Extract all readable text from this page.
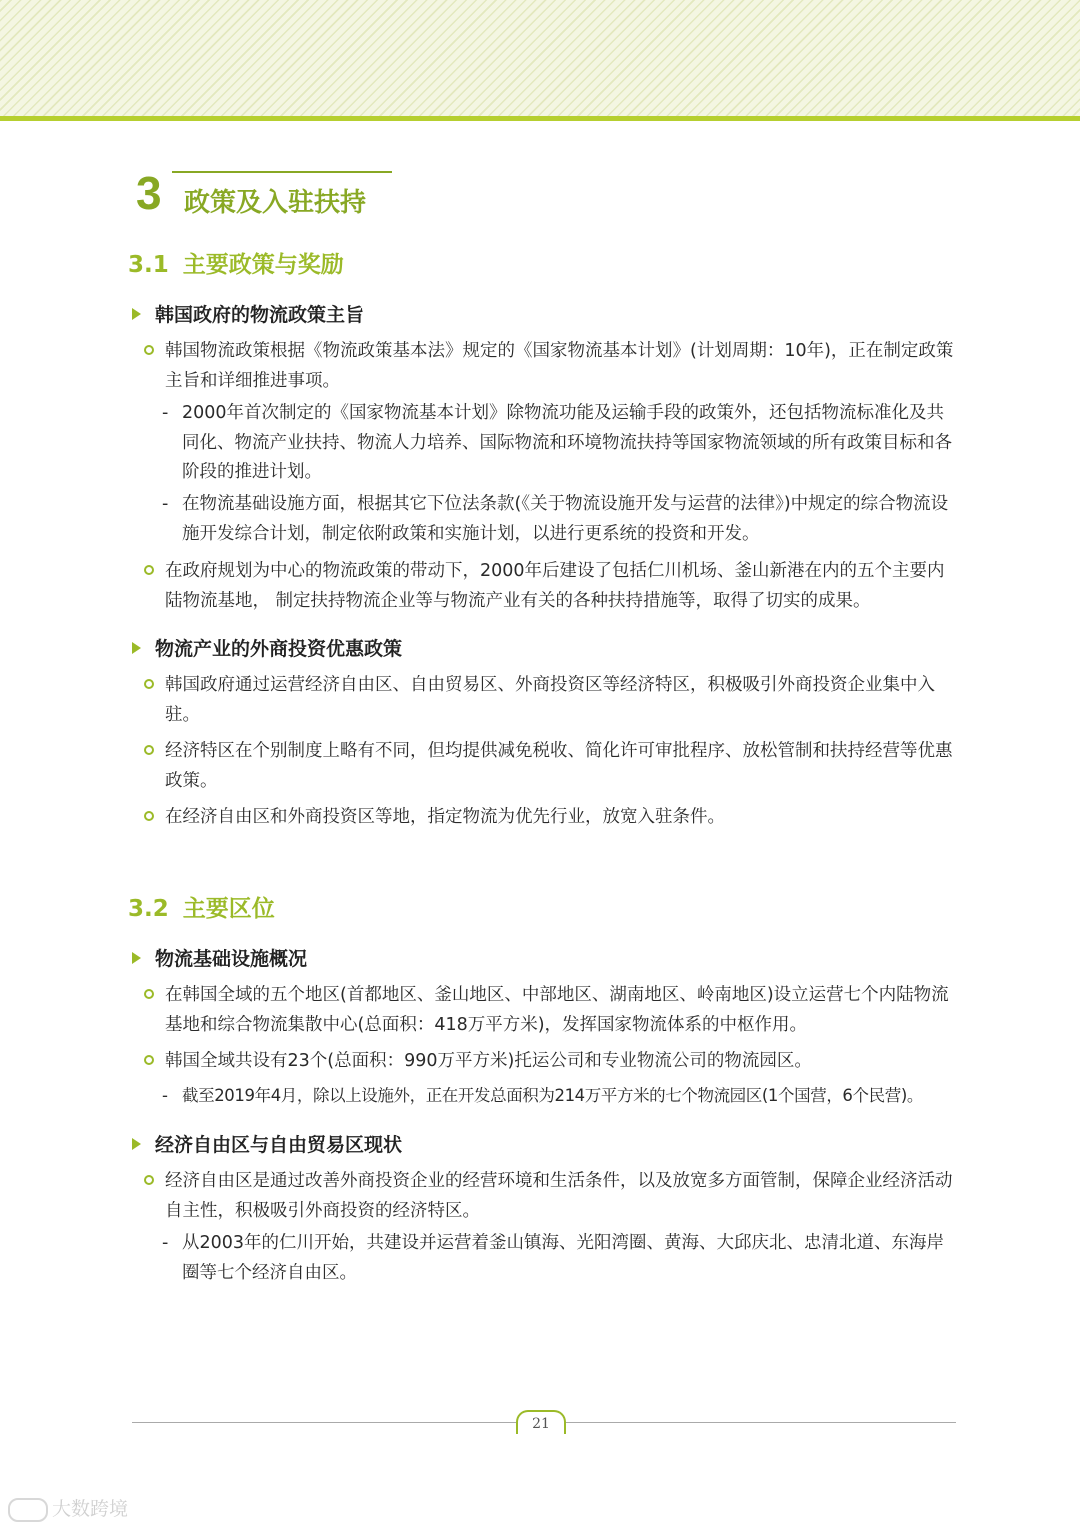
3 政策及入驻扶持
3.1 主要政策与奖励
韩国政府的物流政策主旨
韩国物流政策根据《物流政策基本法》规定的《国家物流基本计划》(计划周期：10年)，正在制定政策主旨和详细推进事项。
- 2000年首次制定的《国家物流基本计划》除物流功能及运输手段的政策外，还包括物流标准化及共同化、物流产业扶持、物流人力培养、国际物流和环境物流扶持等国家物流领域的所有政策目标和各阶段的推进计划。
- 在物流基础设施方面，根据其它下位法条款(《关于物流设施开发与运营的法律》)中规定的综合物流设施开发综合计划，制定依附政策和实施计划，以进行更系统的投资和开发。
在政府规划为中心的物流政策的带动下，2000年后建设了包括仁川机场、釜山新港在内的五个主要内陆物流基地， 制定扶持物流企业等与物流产业有关的各种扶持措施等，取得了切实的成果。
物流产业的外商投资优惠政策
韩国政府通过运营经济自由区、自由贸易区、外商投资区等经济特区，积极吸引外商投资企业集中入驻。
经济特区在个别制度上略有不同，但均提供减免税收、简化许可审批程序、放松管制和扶持经营等优惠政策。
在经济自由区和外商投资区等地，指定物流为优先行业，放宽入驻条件。
3.2 主要区位
物流基础设施概况
在韩国全域的五个地区(首都地区、釜山地区、中部地区、湖南地区、岭南地区)设立运营七个内陆物流基地和综合物流集散中心(总面积：418万平方米)，发挥国家物流体系的中枢作用。
韩国全域共设有23个(总面积：990万平方米)托运公司和专业物流公司的物流园区。
- 截至2019年4月，除以上设施外，正在开发总面积为214万平方米的七个物流园区(1个国营，6个民营)。
经济自由区与自由贸易区现状
经济自由区是通过改善外商投资企业的经营环境和生活条件，以及放宽多方面管制，保障企业经济活动自主性，积极吸引外商投资的经济特区。
- 从2003年的仁川开始，共建设并运营着釜山镇海、光阳湾圈、黄海、大邱庆北、忠清北道、东海岸圈等七个经济自由区。
21
大数跨境
